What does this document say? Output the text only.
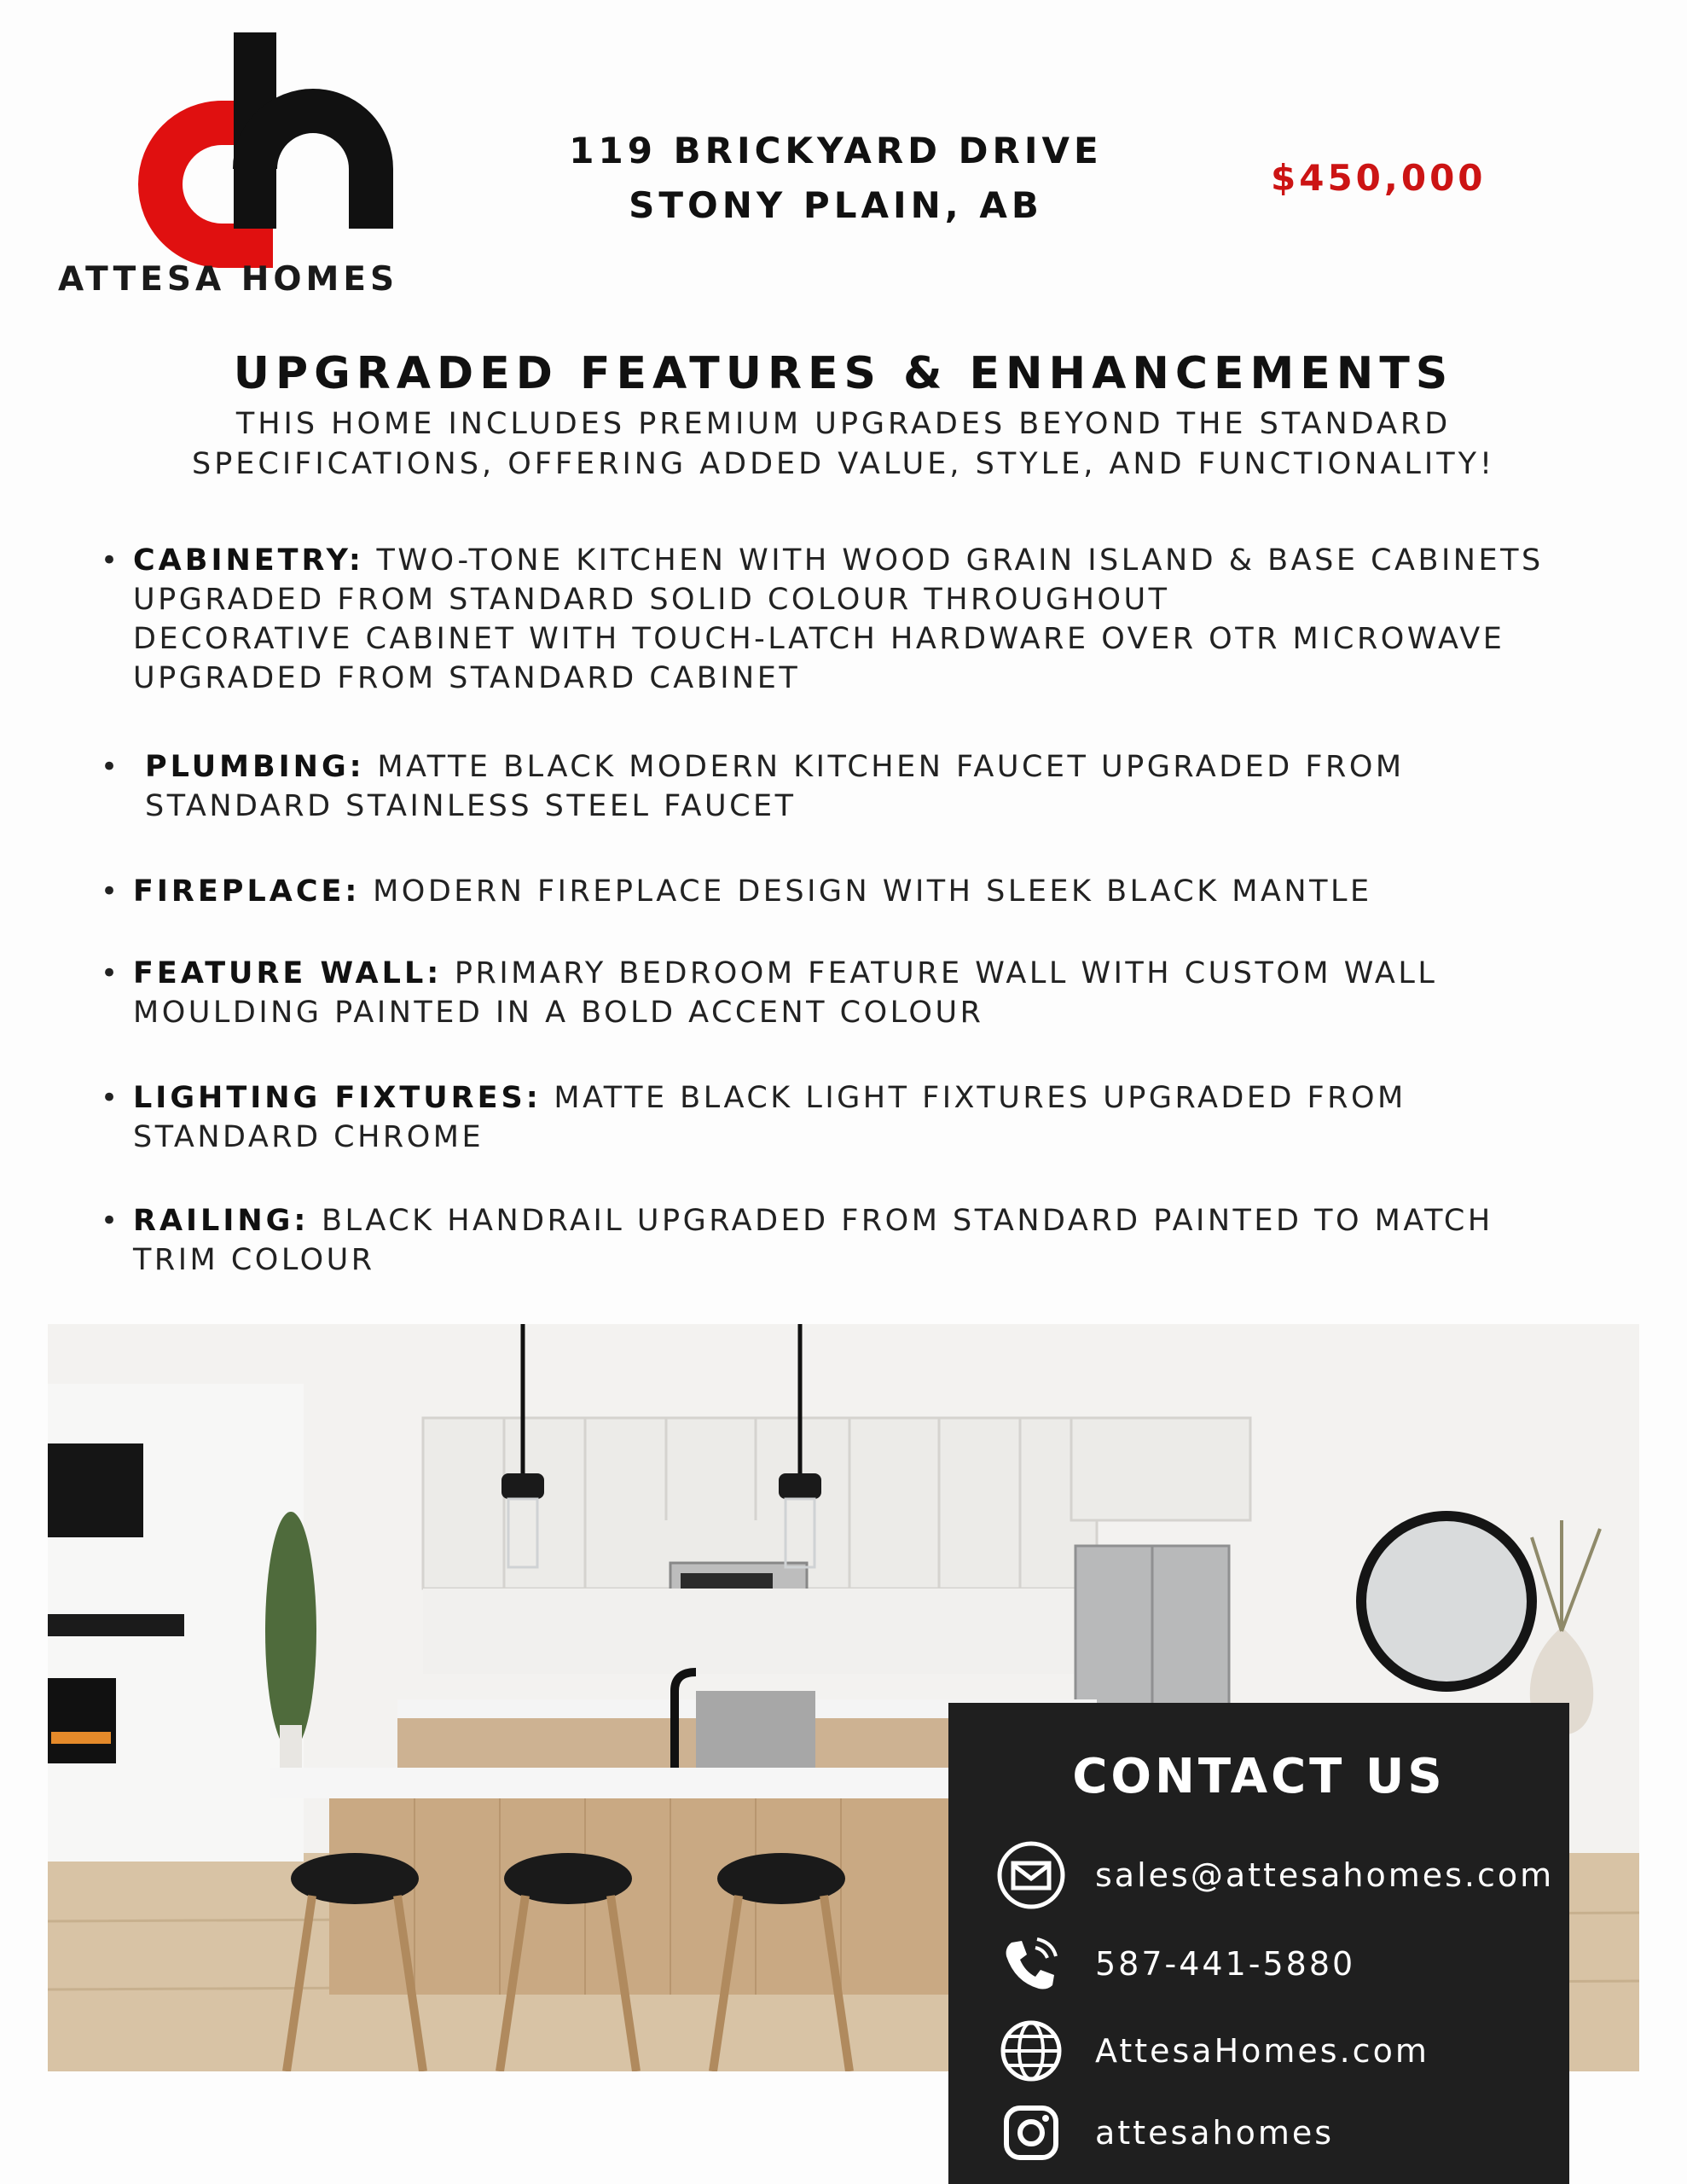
ATTESA HOMES
119 BRICKYARD DRIVE
STONY PLAIN, AB
$450,000
UPGRADED FEATURES & ENHANCEMENTS
THIS HOME INCLUDES PREMIUM UPGRADES BEYOND THE STANDARD
SPECIFICATIONS, OFFERING ADDED VALUE, STYLE, AND FUNCTIONALITY!
• CABINETRY: TWO-TONE KITCHEN WITH WOOD GRAIN ISLAND & BASE CABINETS
UPGRADED FROM STANDARD SOLID COLOUR THROUGHOUT
DECORATIVE CABINET WITH TOUCH-LATCH HARDWARE OVER OTR MICROWAVE
UPGRADED FROM STANDARD CABINET
• PLUMBING: MATTE BLACK MODERN KITCHEN FAUCET UPGRADED FROM
STANDARD STAINLESS STEEL FAUCET
• FIREPLACE: MODERN FIREPLACE DESIGN WITH SLEEK BLACK MANTLE
• FEATURE WALL: PRIMARY BEDROOM FEATURE WALL WITH CUSTOM WALL
MOULDING PAINTED IN A BOLD ACCENT COLOUR
• LIGHTING FIXTURES: MATTE BLACK LIGHT FIXTURES UPGRADED FROM
STANDARD CHROME
• RAILING: BLACK HANDRAIL UPGRADED FROM STANDARD PAINTED TO MATCH
TRIM COLOUR
CONTACT US
sales@attesahomes.com
587-441-5880
AttesaHomes.com
attesahomes
